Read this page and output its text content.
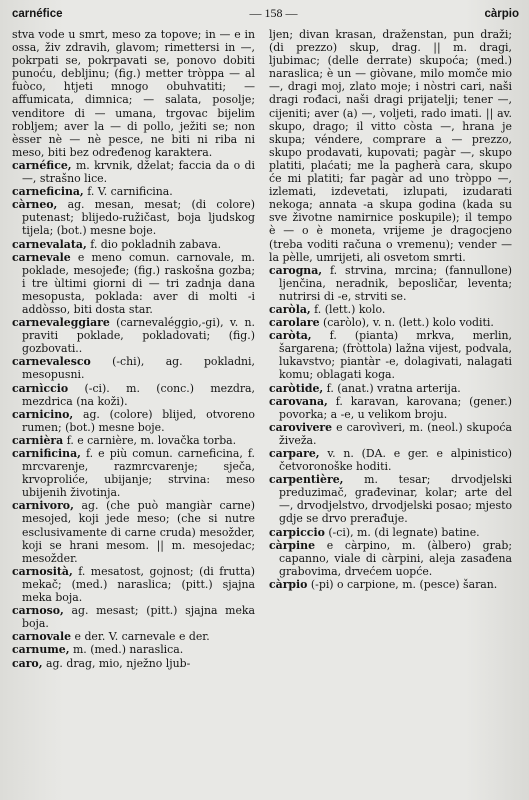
carnéfice	— 158 —	càrpio

stva vode u smrt, meso za topove; in — e in ossa, živ zdravih, glavom; rimettersi in —, pokrpati se, pokrpavati se, ponovo dobiti punoću, debljinu; (fig.) metter tròppa — al fuòco, htjeti mnogo obuhvatiti; — affumicata, dimnica; — salata, posolje; venditore di — umana, trgovac bijelim robljem; aver la — di pollo, ježiti se; non èsser nè — nè pesce, ne biti ni riba ni meso, biti bez određenog karaktera.

carnéfice, m. krvnik, dželat; faccia da o di —, strašno lice.

carneficina, f. V. carnificina.

càrneo, ag. mesan, mesat; (di colore) putenast; blijedo-ružičast, boja ljudskog tijela; (bot.) mesne boje.

carnevalata, f. dio pokladnih zabava.

carnevale e meno comun. carnovale, m. poklade, mesojeđe; (fig.) raskošna gozba; i tre ùltimi giorni di — tri zadnja dana mesopusta, poklada: aver di molti -i addòsso, biti dosta star.

carnevaleggiare (carnevaléggio,-gi), v. n. praviti poklade, pokladovati; (fig.) gozbovati..

carnevalesco (-chi), ag. pokladni, mesopusni.

carnìccio (-ci). m. (conc.) mezdra, mezdrica (na koži).

carnicino, ag. (colore) blijed, otvoreno rumen; (bot.) mesne boje.

carnièra f. e carnière, m. lovačka torba.

carnificina, f. e più comun. carneficina, f. mrcvarenje, razmrcvarenje; sječa, krvoproliće, ubijanje; strvina: meso ubijenih životinja.

carnivoro, ag. (che può mangiàr carne) mesojed, koji jede meso; (che si nutre esclusivamente di carne cruda) mesožder, koji se hrani mesom. || m. mesojedac; mesožder.

carnosità, f. mesatost, gojnost; (di frutta) mekač; (med.) naraslica; (pitt.) sjajna meka boja.

carnoso, ag. mesast; (pitt.) sjajna meka boja.

carnovale e der. V. carnevale e der.

carnume, m. (med.) naraslica.

caro, ag. drag, mio, nježno ljub-

ljen; divan krasan, draženstan, pun draži; (di prezzo) skup, drag. || m. dragi, ljubimac; (delle derrate) skupoća; (med.) naraslica; è un — giòvane, milo momče mio —, dragi moj, zlato moje; i nòstri cari, naši dragi rođaci, naši dragi prijatelji; tener —, cijeniti; aver (a) —, voljeti, rado imati. || av. skupo, drago; il vitto còsta —, hrana je skupa; véndere, comprare a — prezzo, skupo prodavati, kupovati; pagàr —, skupo platiti, plaćati; me la pagherà cara, skupo će mi platiti; far pagàr ad uno tròppo —, izlemati, izdevetati, izlupati, izudarati nekoga; annata -a skupa godina (kada su sve životne namirnice poskupile); il tempo è — o è moneta, vrijeme je dragocjeno (treba voditi računa o vremenu); vender — la pèlle, umrijeti, ali osvetom smrti.

carogna, f. strvina, mrcina; (fannullone) ljenčina, neradnik, beposličar, leventa; nutrirsi di -e, strviti se.

caròla, f. (lett.) kolo.

carolare (caròlo), v. n. (lett.) kolo voditi.

caròta, f. (pianta) mrkva, merlin, šargarena; (fròttola) lažna vijest, podvala, lukavstvo; piantàr -e, dolagivati, nalagati komu; oblagati koga.

caròtide, f. (anat.) vratna arterija.

carovana, f. karavan, karovana; (gener.) povorka; a -e, u velikom broju.

carovivere e carovìveri, m. (neol.) skupoća živeža.

carpare, v. n. (DA. e ger. e alpinistico) četvoronoške hoditi.

carpentière, m. tesar; drvodjelski preduzimač, građevinar, kolar; arte del —, drvodjelstvo, drvodjelski posao; mjesto gdje se drvo prerađuje.

carpiccio (-ci), m. (di legnate) batine.

càrpine e càrpino, m. (àlbero) grab; capanno, viale di càrpini, aleja zasađena grabovima, drvećem uopće.

càrpio (-pi) o carpione, m. (pesce) šaran.
